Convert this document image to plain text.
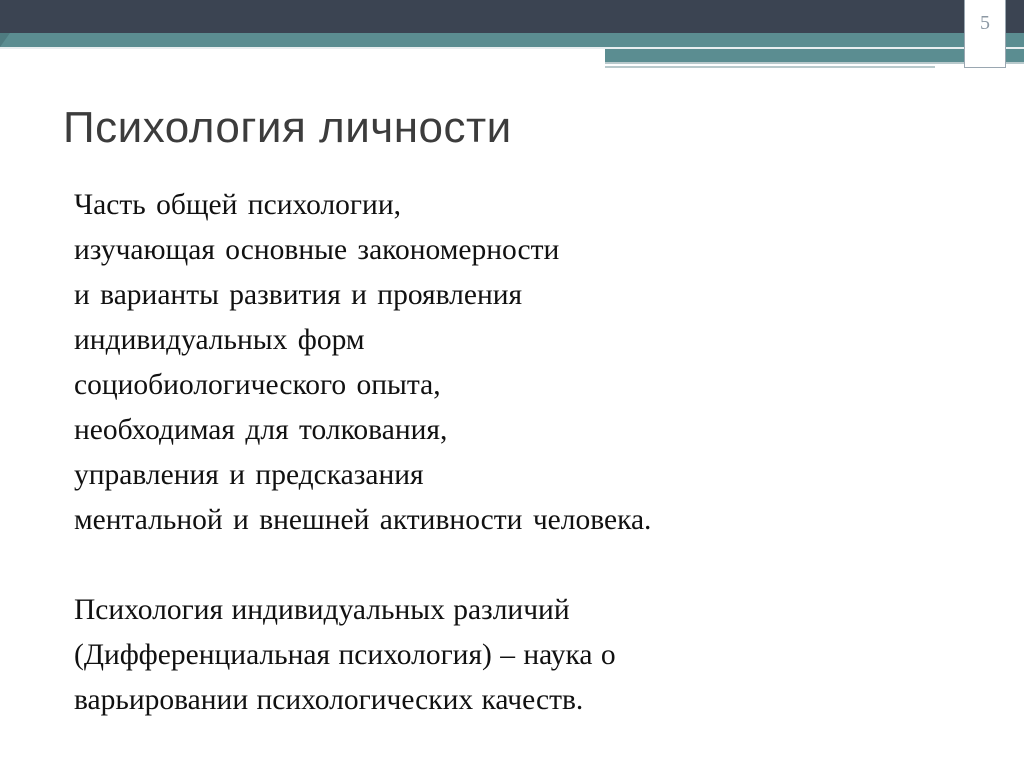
5
Психология личности

Часть общей психологии,
изучающая основные закономерности
и варианты развития и проявления
индивидуальных форм
социобиологического опыта,
необходимая для толкования,
управления и предсказания
ментальной и внешней активности человека.

Психология индивидуальных различий
(Дифференциальная психология) – наука о
варьировании психологических качеств.
